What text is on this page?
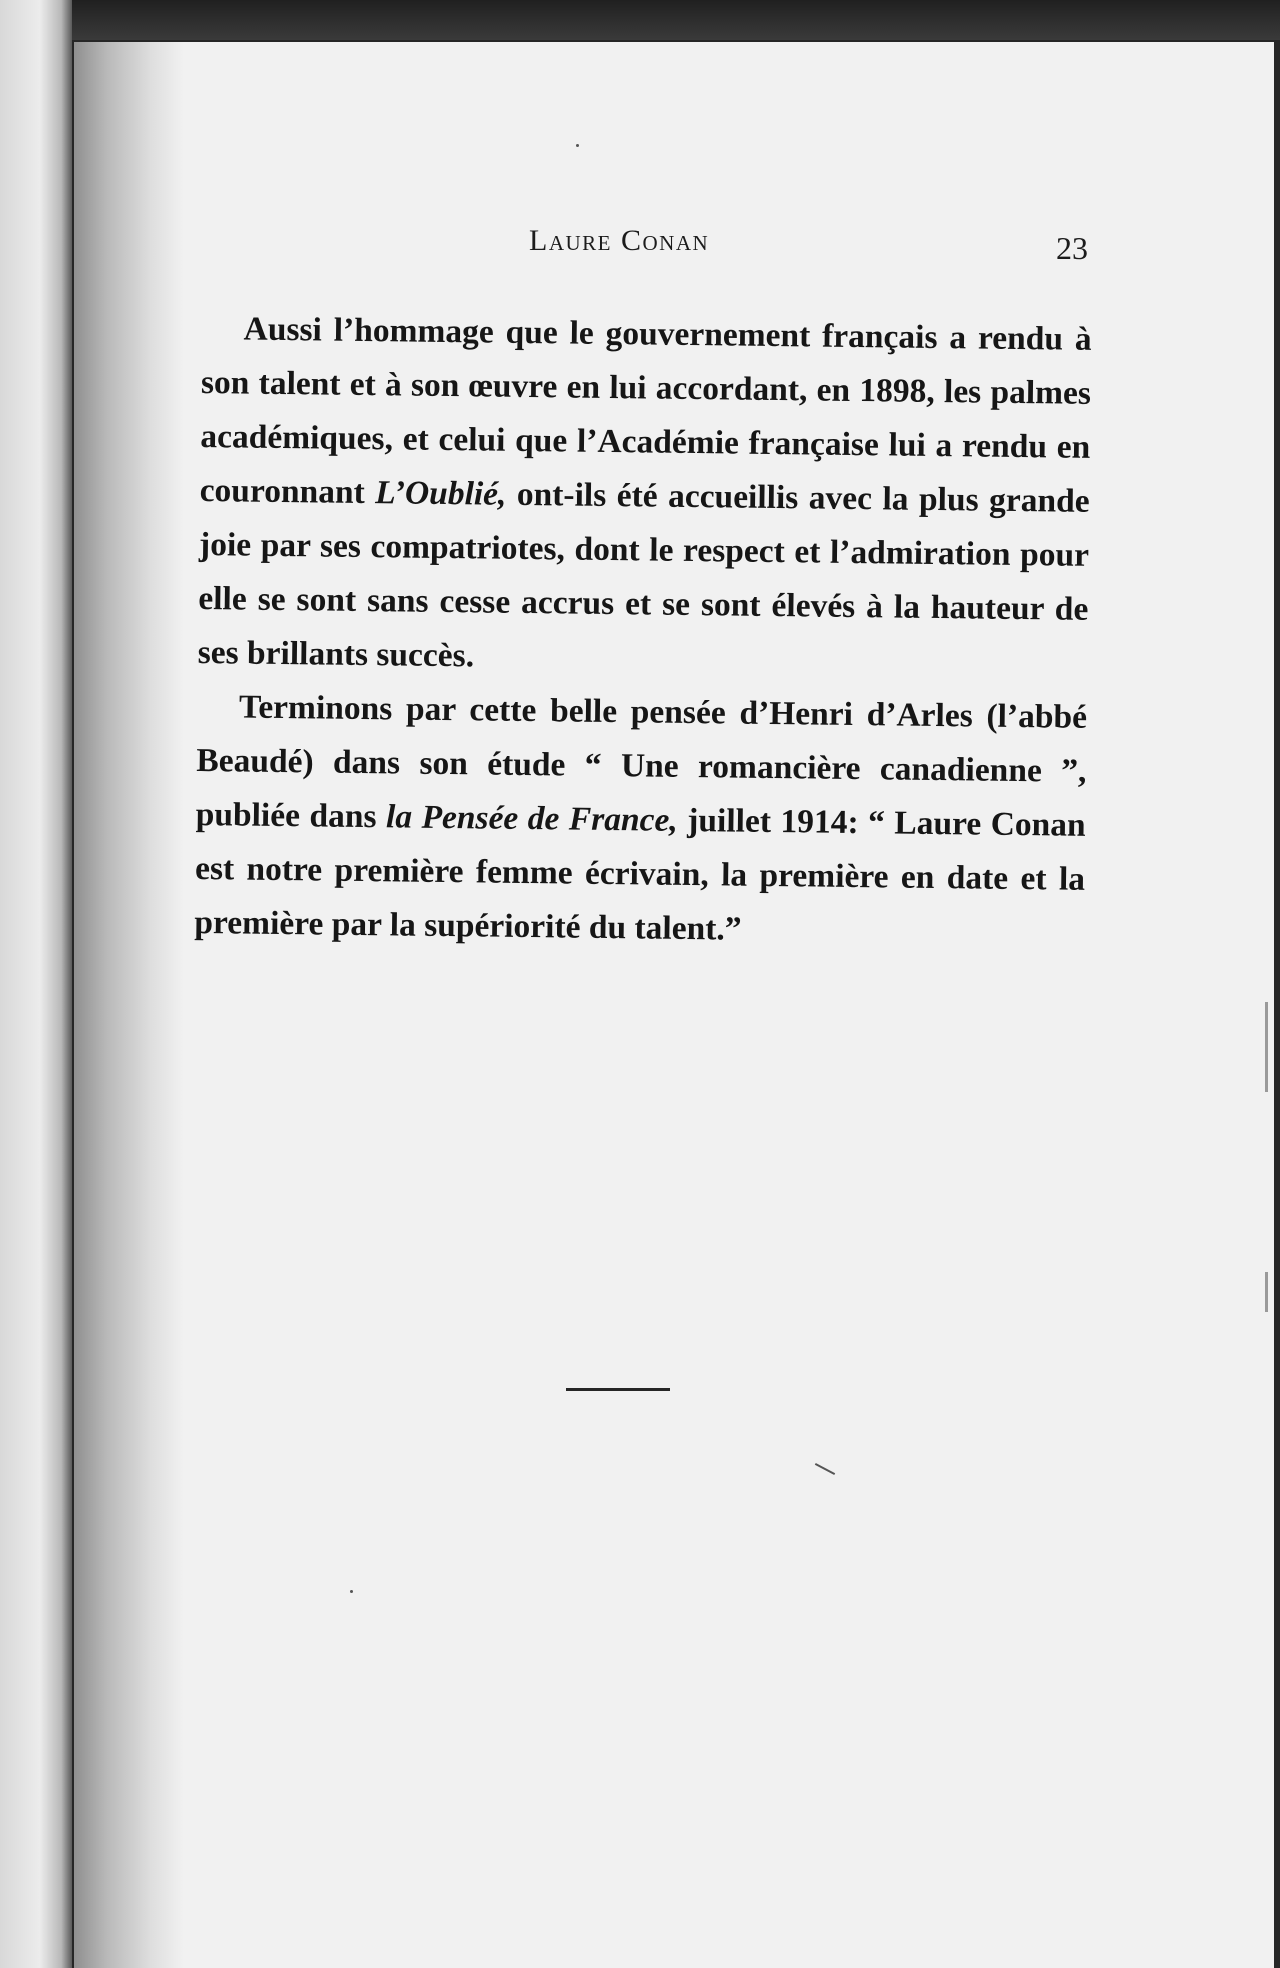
Laure Conan	23

Aussi l’hommage que le gouvernement français a rendu à son talent et à son œuvre en lui accordant, en 1898, les palmes académiques, et celui que l’Académie française lui a rendu en couronnant L’Oublié, ont-ils été accueillis avec la plus grande joie par ses compatriotes, dont le respect et l’admiration pour elle se sont sans cesse accrus et se sont élevés à la hauteur de ses brillants succès.

Terminons par cette belle pensée d’Henri d’Arles (l’abbé Beaudé) dans son étude “ Une romancière canadienne ”, publiée dans la Pensée de France, juillet 1914: “ Laure Conan est notre première femme écrivain, la première en date et la première par la supériorité du talent.”
